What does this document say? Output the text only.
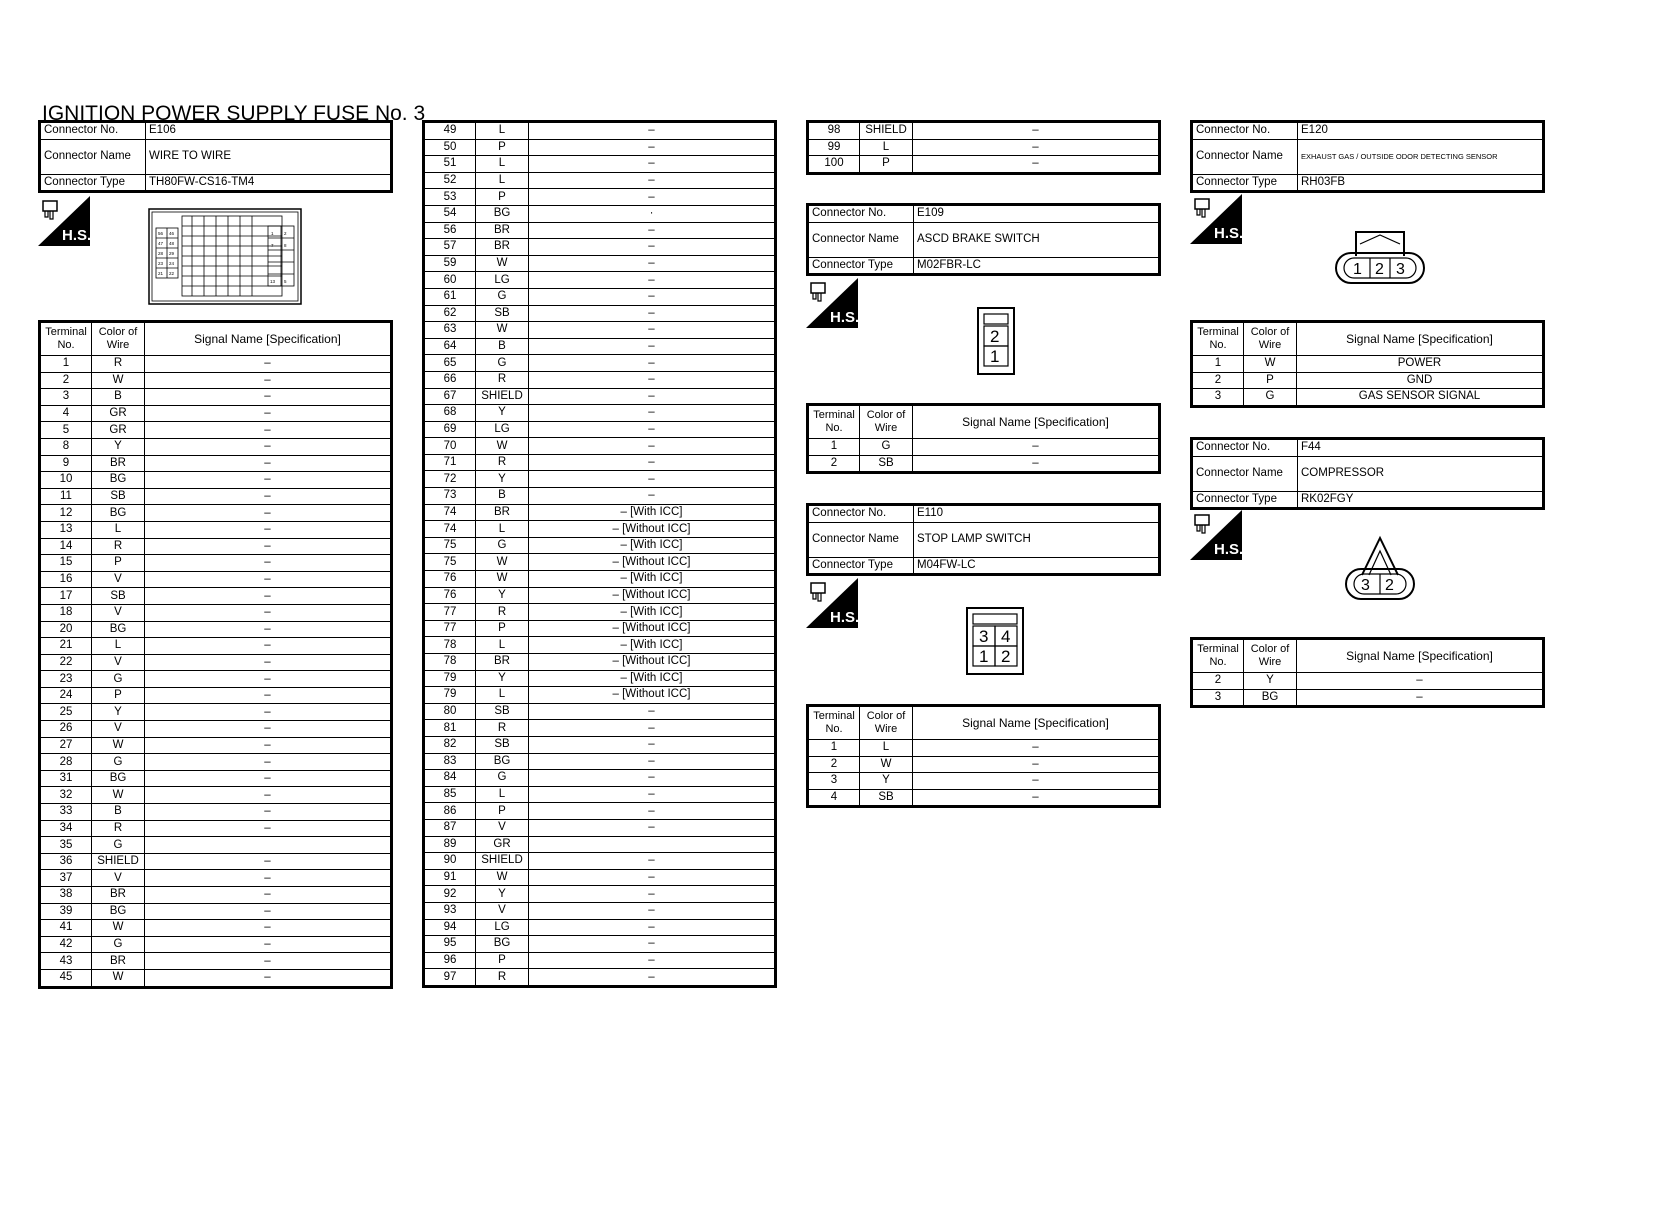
IGNITION POWER SUPPLY FUSE No. 3
Connector No.	E106
Connector Name	WIRE TO WIRE
Connector Type	TH80FW-CS16-TM4
H.S.	56 46
47 48
28 29
23 24
21 22
1 2
7 8
13 5
Terminal No.	Color of Wire	Signal Name [Specification]
1	R	–
2	W	–
3	B	–
4	GR	–
5	GR	–
8	Y	–
9	BR	–
10	BG	–
11	SB	–
12	BG	–
13	L	–
14	R	–
15	P	–
16	V	–
17	SB	–
18	V	–
20	BG	–
21	L	–
22	V	–
23	G	–
24	P	–
25	Y	–
26	V	–
27	W	–
28	G	–
31	BG	–
32	W	–
33	B	–
34	R	–
35	G	
36	SHIELD	–
37	V	–
38	BR	–
39	BG	–
41	W	–
42	G	–
43	BR	–
45	W	–
49	L	–
50	P	–
51	L	–
52	L	–
53	P	–
54	BG	·
56	BR	–
57	BR	–
59	W	–
60	LG	–
61	G	–
62	SB	–
63	W	–
64	B	–
65	G	–
66	R	–
67	SHIELD	–
68	Y	–
69	LG	–
70	W	–
71	R	–
72	Y	–
73	B	–
74	BR	– [With ICC]
74	L	– [Without ICC]
75	G	– [With ICC]
75	W	– [Without ICC]
76	W	– [With ICC]
76	Y	– [Without ICC]
77	R	– [With ICC]
77	P	– [Without ICC]
78	L	– [With ICC]
78	BR	– [Without ICC]
79	Y	– [With ICC]
79	L	– [Without ICC]
80	SB	–
81	R	–
82	SB	–
83	BG	–
84	G	–
85	L	–
86	P	–
87	V	–
89	GR	
90	SHIELD	–
91	W	–
92	Y	–
93	V	–
94	LG	–
95	BG	–
96	P	–
97	R	–
98	SHIELD	–
99	L	–
100	P	–
Connector No.	E109
Connector Name	ASCD BRAKE SWITCH
Connector Type	M02FBR-LC
H.S.
2
1
Terminal No.	Color of Wire	Signal Name [Specification]
1	G	–
2	SB	–
Connector No.	E110
Connector Name	STOP LAMP SWITCH
Connector Type	M04FW-LC
H.S.
3 4
1 2
Terminal No.	Color of Wire	Signal Name [Specification]
1	L	–
2	W	–
3	Y	–
4	SB	–
Connector No.	E120
Connector Name	EXHAUST GAS / OUTSIDE ODOR DETECTING SENSOR
Connector Type	RH03FB
H.S.
1 2 3
Terminal No.	Color of Wire	Signal Name [Specification]
1	W	POWER
2	P	GND
3	G	GAS SENSOR SIGNAL
Connector No.	F44
Connector Name	COMPRESSOR
Connector Type	RK02FGY
H.S.
3 2
Terminal No.	Color of Wire	Signal Name [Specification]
2	Y	–
3	BG	–
